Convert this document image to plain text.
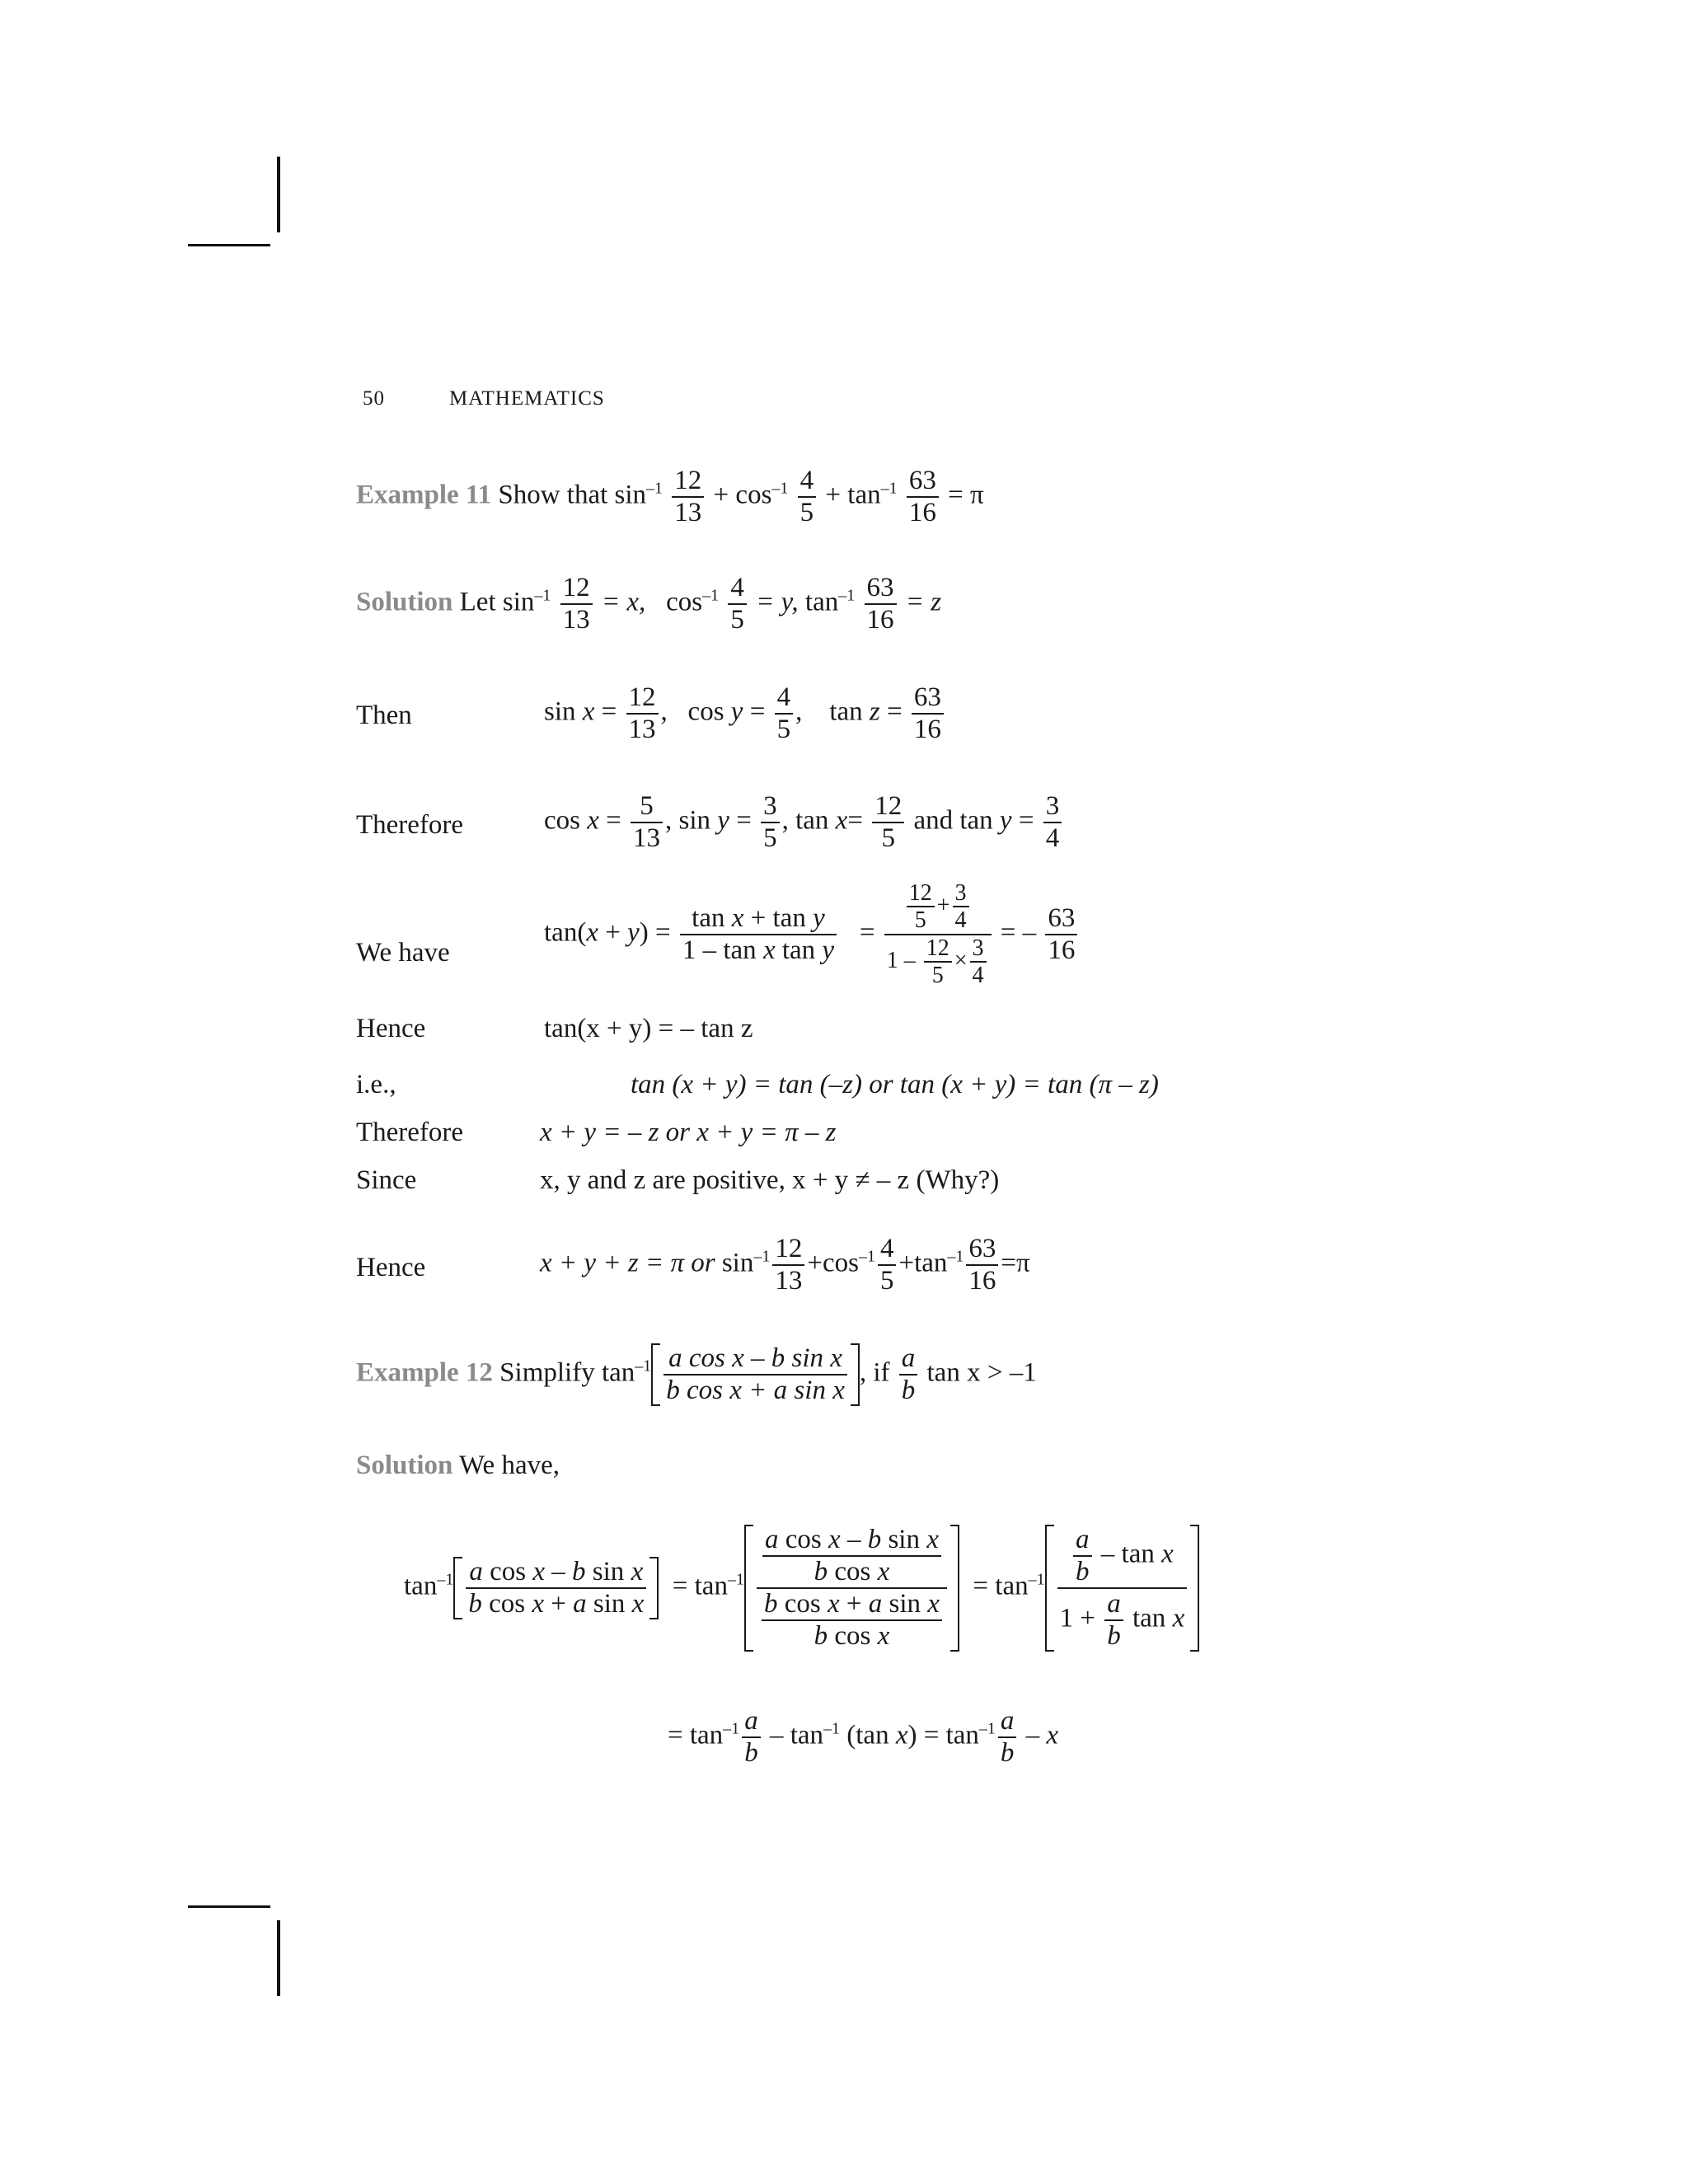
50	MATHEMATICS
Example 11 Show that $\sin^{-1} \frac{12}{13} + \cos^{-1} \frac{4}{5} + \tan^{-1} \frac{63}{16} = \pi$
Solution Let $\sin^{-1} \frac{12}{13} = x$, $\cos^{-1} \frac{4}{5} = y$, $\tan^{-1} \frac{63}{16} = z$
Then	$\sin x = \frac{12}{13}$ ,   $\cos y = \frac{4}{5}$ ,    $\tan z = \frac{63}{16}$
Therefore	$\cos x = \frac{5}{13}$ , $\sin y = \frac{3}{5}$ , $\tan x= \frac{12}{5}$ and $\tan y = \frac{3}{4}$
We have
$\tan(x + y) = \frac{\text{tan x + tan y}}{\text{1 – tan x tan y}} = \frac{\frac{12}{5} + \frac{3}{4}}{1 - \frac{12}{5} \times \frac{3}{4}}$ = – $\frac{63}{16}$
Hence	tan(x + y) = – tan z
i.e.,	tan (x + y) = tan (–z) or tan (x + y) = tan (π – z)
Therefore	x + y = – z or x + y = π – z
Since	x, y and z are positive, x + y ≠ – z (Why?)
Hence	x + y + z = π or $\sin^{-1} \frac{12}{13} +\cos^{-1} \frac{4}{5} +\tan^{-1} \frac{63}{16} =\pi$
Example 12 Simplify $\tan^{-1} \frac{\text{a cos x – b sin x}}{\text{b cos x + a sin x}}$ , if $\frac{a}{b}$ tan x > –1
Solution We have,
$\tan^{-1} \frac{\text{a cos x – b sin x}}{\text{b cos x + a sin x}} = \tan^{-1} \frac{\frac{\text{a cos x – b sin x}}{\text{b cos x}}}{\frac{\text{b cos x + a sin x}}{\text{b cos x}}} = \tan^{-1} \frac{\frac{a}{b} - \tan x}{1 + \frac{a}{b} \tan x}$
= $\tan^{-1} \frac{a}{b} - \tan^{-1} (\tan$ $x) = \tan^{-1} \frac{a}{b} - x$
